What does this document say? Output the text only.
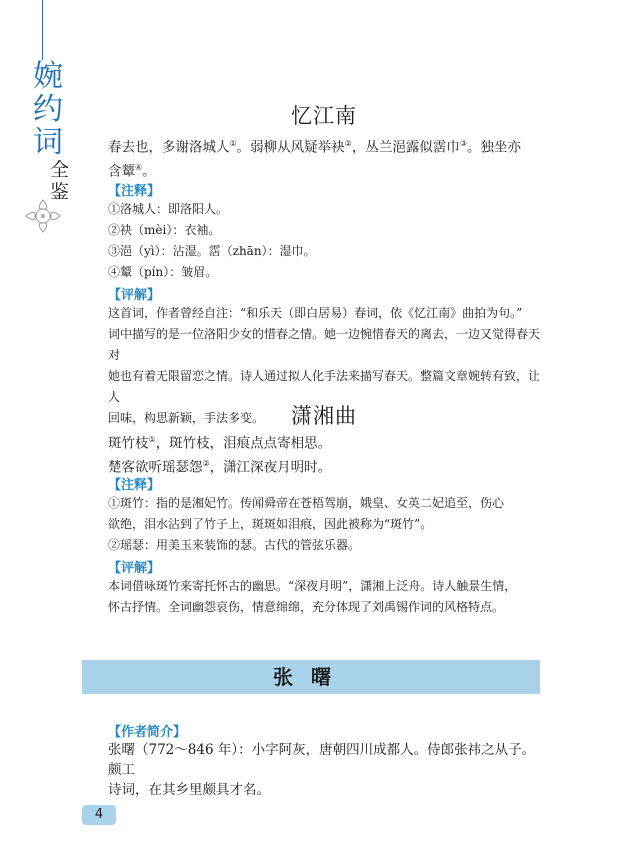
婉
约
词
全
鉴
忆江南
春去也，多谢洛城人①。弱柳从风疑举袂②，丛兰浥露似霑巾③。独坐亦
含颦④。
【注释】
①洛城人：即洛阳人。
②袂（mèi）：衣袖。
③浥（yì）：沾湿。霑（zhān）：湿巾。
④颦（pín）：皱眉。
【评解】
这首词，作者曾经自注：“和乐天（即白居易）春词，依《忆江南》曲拍为句。”
词中描写的是一位洛阳少女的惜春之情。她一边惋惜春天的离去，一边又觉得春天对
她也有着无限留恋之情。诗人通过拟人化手法来描写春天。整篇文章婉转有致，让人
回味，构思新颖，手法多变。	潇湘曲
斑竹枝①，斑竹枝，泪痕点点寄相思。
楚客欲听瑶瑟怨②，潇江深夜月明时。
【注释】
①斑竹：指的是湘妃竹。传闻舜帝在苍梧驾崩，娥皇、女英二妃追至，伤心
欲绝，泪水沾到了竹子上，斑斑如泪痕，因此被称为“斑竹”。
②瑶瑟：用美玉来装饰的瑟。古代的管弦乐器。
【评解】
本词借咏斑竹来寄托怀古的幽思。“深夜月明”，潇湘上泛舟。诗人触景生情，
怀古抒情。全词幽怨哀伤，情意绵绵，充分体现了刘禹锡作词的风格特点。
【作者简介】
张曙（772～846 年）：小字阿灰，唐朝四川成都人。侍郎张祎之从子。颇工
诗词，在其乡里颇具才名。
张曙
4
